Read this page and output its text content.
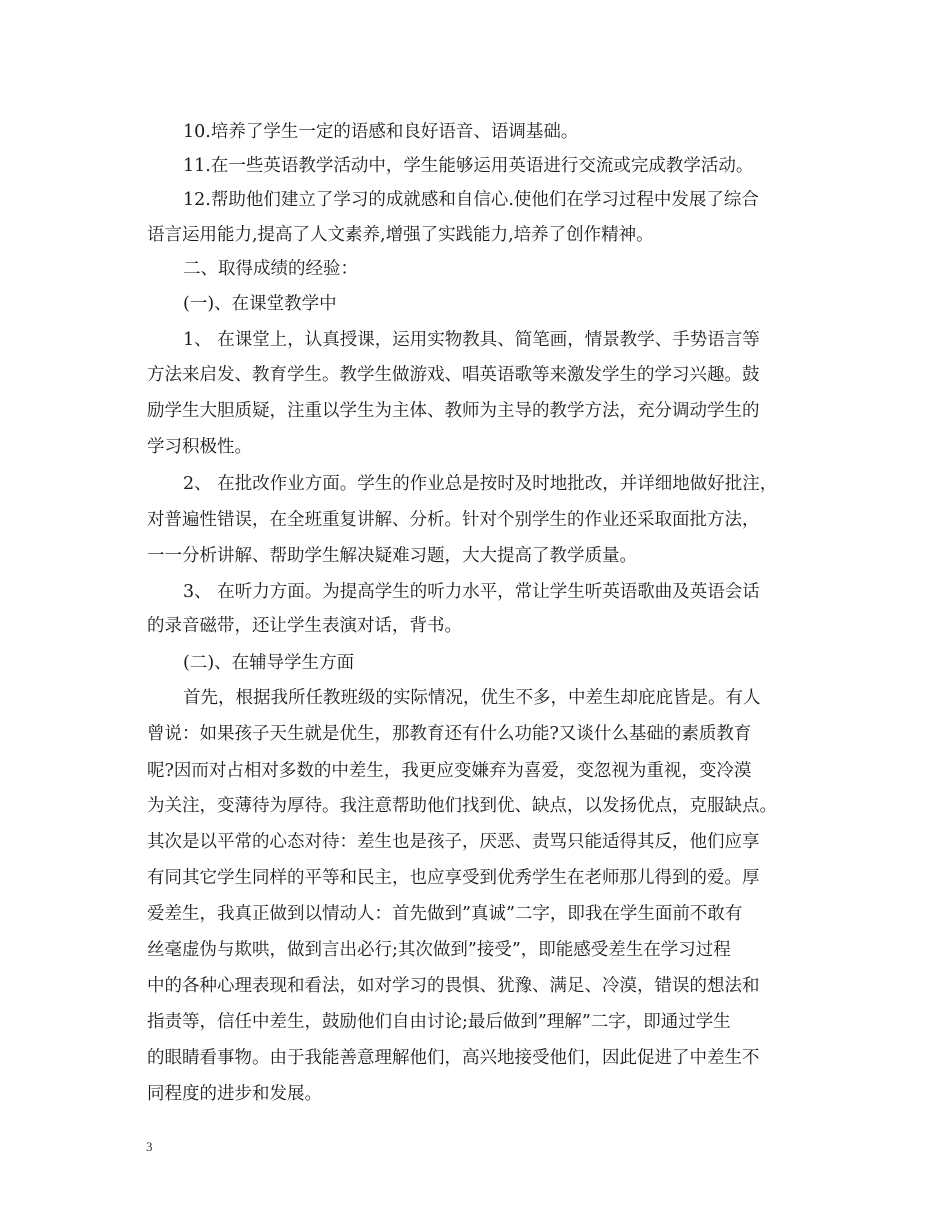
10.培养了学生一定的语感和良好语音、语调基础。
11.在一些英语教学活动中，学生能够运用英语进行交流或完成教学活动。
12.帮助他们建立了学习的成就感和自信心.使他们在学习过程中发展了综合
语言运用能力,提高了人文素养,增强了实践能力,培养了创作精神。
二、取得成绩的经验：
(一)、在课堂教学中
1、 在课堂上，认真授课，运用实物教具、简笔画，情景教学、手势语言等
方法来启发、教育学生。教学生做游戏、唱英语歌等来激发学生的学习兴趣。鼓
励学生大胆质疑，注重以学生为主体、教师为主导的教学方法，充分调动学生的
学习积极性。
2、 在批改作业方面。学生的作业总是按时及时地批改，并详细地做好批注，
对普遍性错误，在全班重复讲解、分析。针对个别学生的作业还采取面批方法，
一一分析讲解、帮助学生解决疑难习题，大大提高了教学质量。
3、 在听力方面。为提高学生的听力水平，常让学生听英语歌曲及英语会话
的录音磁带，还让学生表演对话，背书。
(二)、在辅导学生方面
首先，根据我所任教班级的实际情况，优生不多，中差生却庇庇皆是。有人
曾说：如果孩子天生就是优生，那教育还有什么功能?又谈什么基础的素质教育
呢?因而对占相对多数的中差生，我更应变嫌弃为喜爱，变忽视为重视，变冷漠
为关注，变薄待为厚待。我注意帮助他们找到优、缺点，以发扬优点，克服缺点。
其次是以平常的心态对待：差生也是孩子，厌恶、责骂只能适得其反，他们应享
有同其它学生同样的平等和民主，也应享受到优秀学生在老师那儿得到的爱。厚
爱差生，我真正做到以情动人：首先做到”真诚”二字，即我在学生面前不敢有
丝毫虚伪与欺哄，做到言出必行;其次做到”接受”，即能感受差生在学习过程
中的各种心理表现和看法，如对学习的畏惧、犹豫、满足、冷漠，错误的想法和
指责等，信任中差生，鼓励他们自由讨论;最后做到”理解”二字，即通过学生
的眼睛看事物。由于我能善意理解他们，高兴地接受他们，因此促进了中差生不
同程度的进步和发展。
3
